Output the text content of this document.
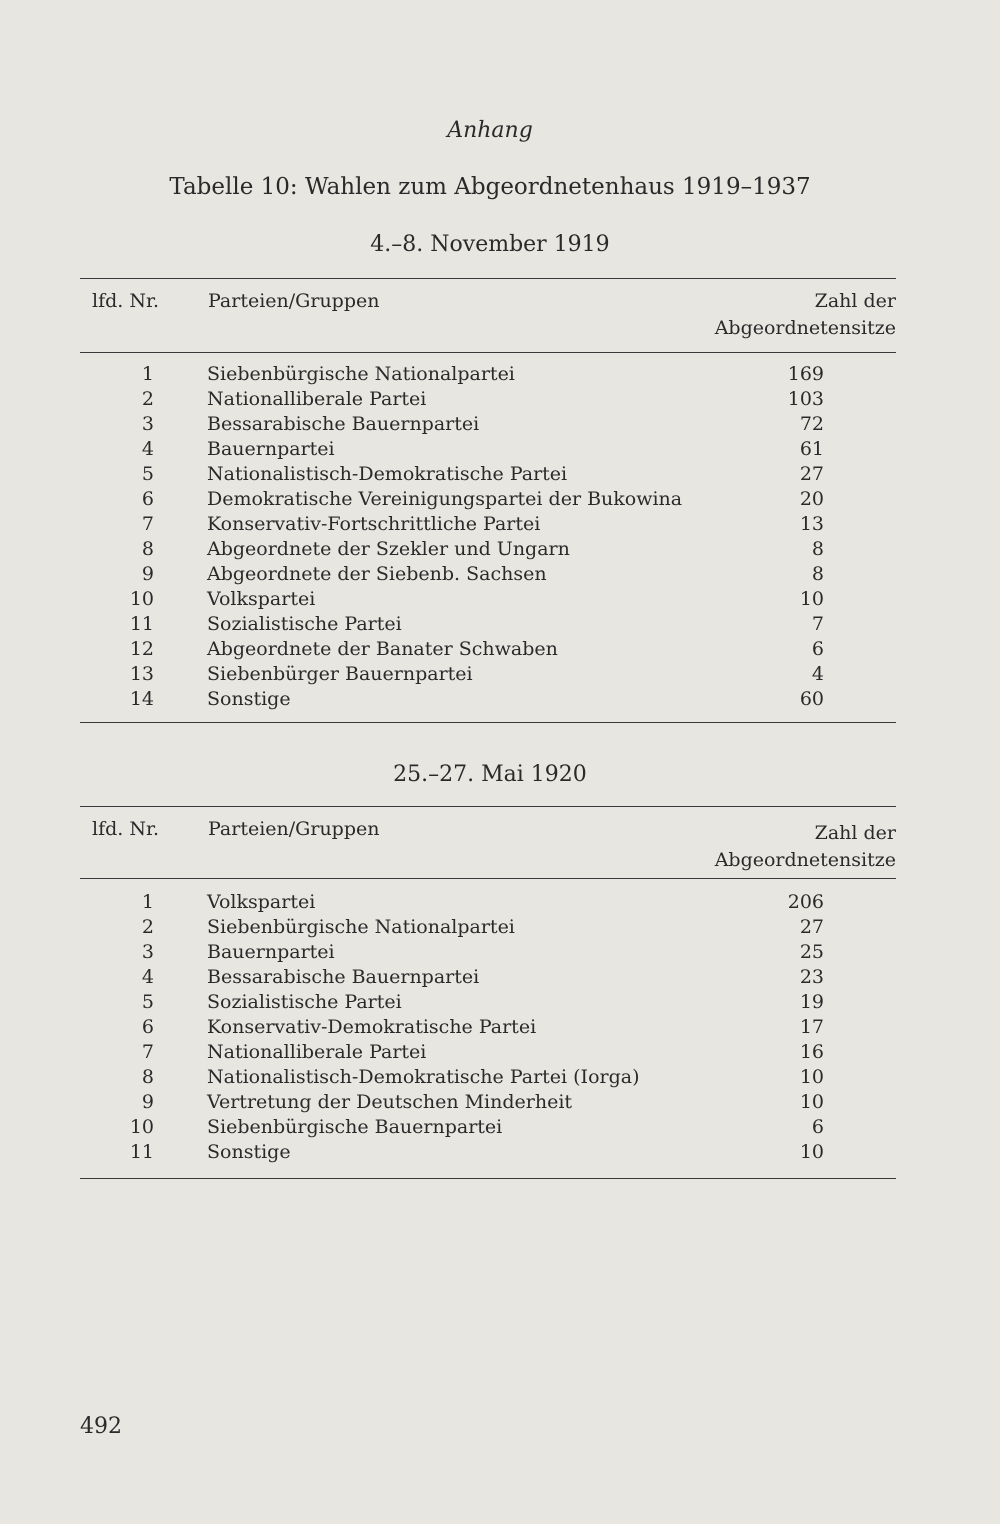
Anhang
Tabelle 10: Wahlen zum Abgeordnetenhaus 1919–1937
4.–8. November 1919
lfd. Nr.	Parteien/Gruppen	Zahl der
Abgeordnetensitze
1	Siebenbürgische Nationalpartei	169
2	Nationalliberale Partei	103
3	Bessarabische Bauernpartei	72
4	Bauernpartei	61
5	Nationalistisch-Demokratische Partei	27
6	Demokratische Vereinigungspartei der Bukowina	20
7	Konservativ-Fortschrittliche Partei	13
8	Abgeordnete der Szekler und Ungarn	8
9	Abgeordnete der Siebenb. Sachsen	8
10	Volkspartei	10
11	Sozialistische Partei	7
12	Abgeordnete der Banater Schwaben	6
13	Siebenbürger Bauernpartei	4
14	Sonstige	60
25.–27. Mai 1920
lfd. Nr.	Parteien/Gruppen	Zahl der
Abgeordnetensitze
1	Volkspartei	206
2	Siebenbürgische Nationalpartei	27
3	Bauernpartei	25
4	Bessarabische Bauernpartei	23
5	Sozialistische Partei	19
6	Konservativ-Demokratische Partei	17
7	Nationalliberale Partei	16
8	Nationalistisch-Demokratische Partei (Iorga)	10
9	Vertretung der Deutschen Minderheit	10
10	Siebenbürgische Bauernpartei	6
11	Sonstige	10
492
